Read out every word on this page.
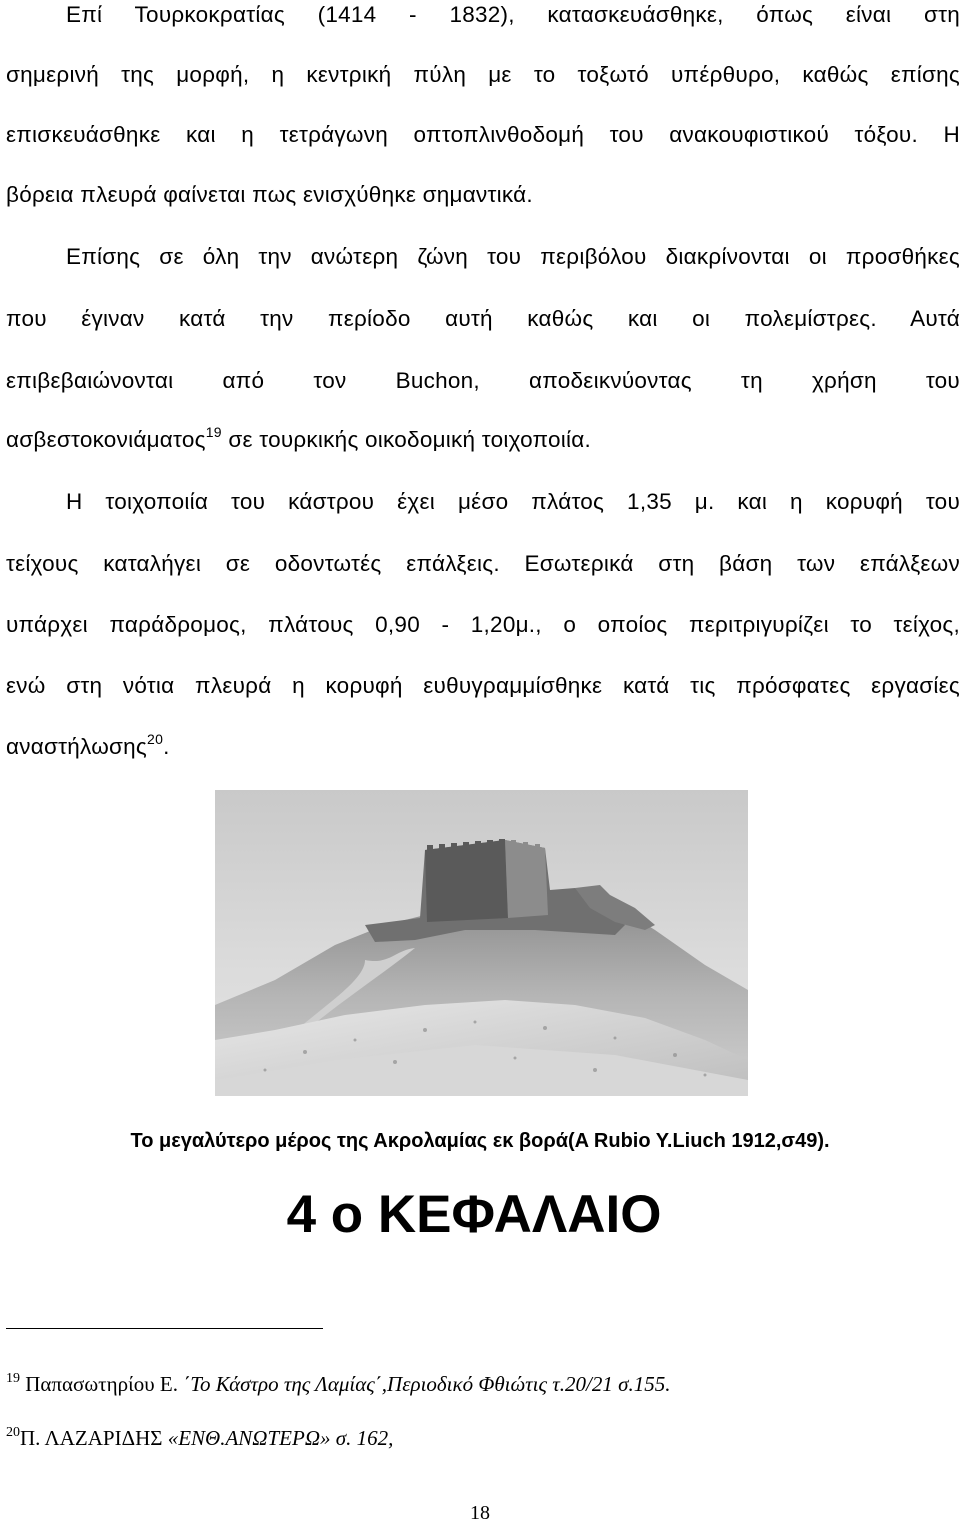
Επί Τουρκοκρατίας (1414 - 1832), κατασκευάσθηκε, όπως είναι στη
σημερινή της μορφή, η κεντρική πύλη με το τοξωτό υπέρθυρο, καθώς επίσης
επισκευάσθηκε και η τετράγωνη οπτοπλινθοδομή του ανακουφιστικού τόξου. Η
βόρεια πλευρά φαίνεται πως ενισχύθηκε σημαντικά.
Επίσης σε όλη την ανώτερη ζώνη του περιβόλου διακρίνονται οι προσθήκες
που έγιναν κατά την περίοδο αυτή καθώς και οι πολεμίστρες. Αυτά
επιβεβαιώνονται από τον Buchon, αποδεικνύοντας τη χρήση του
ασβεστοκονιάματος$^{19}$ σε τουρκικής οικοδομική τοιχοποιία.
Η τοιχοποιία του κάστρου έχει μέσο πλάτος 1,35 μ. και η κορυφή του
τείχους καταλήγει σε οδοντωτές επάλξεις. Εσωτερικά στη βάση των επάλξεων
υπάρχει παράδρομος, πλάτους 0,90 - 1,20μ., ο οποίος περιτριγυρίζει το τείχος,
ενώ στη νότια πλευρά η κορυφή ευθυγραμμίσθηκε κατά τις πρόσφατες εργασίες
αναστήλωσης$^{20}$.
Το μεγαλύτερο μέρος της Ακρολαμίας εκ βορά(A Rubio Y.Liuch 1912,σ49).
4 ο ΚΕΦΑΛΑΙΟ
$^{19}$ Παπασωτηρίου Ε. ΄Το Κάστρο της Λαμίας΄,Περιοδικό Φθιώτις τ.20/21 σ.155.
$^{20}$Π. ΛΑΖΑΡΙΔΗΣ «ΕΝΘ.ΑΝΩΤΕΡΩ» σ. 162,
18
